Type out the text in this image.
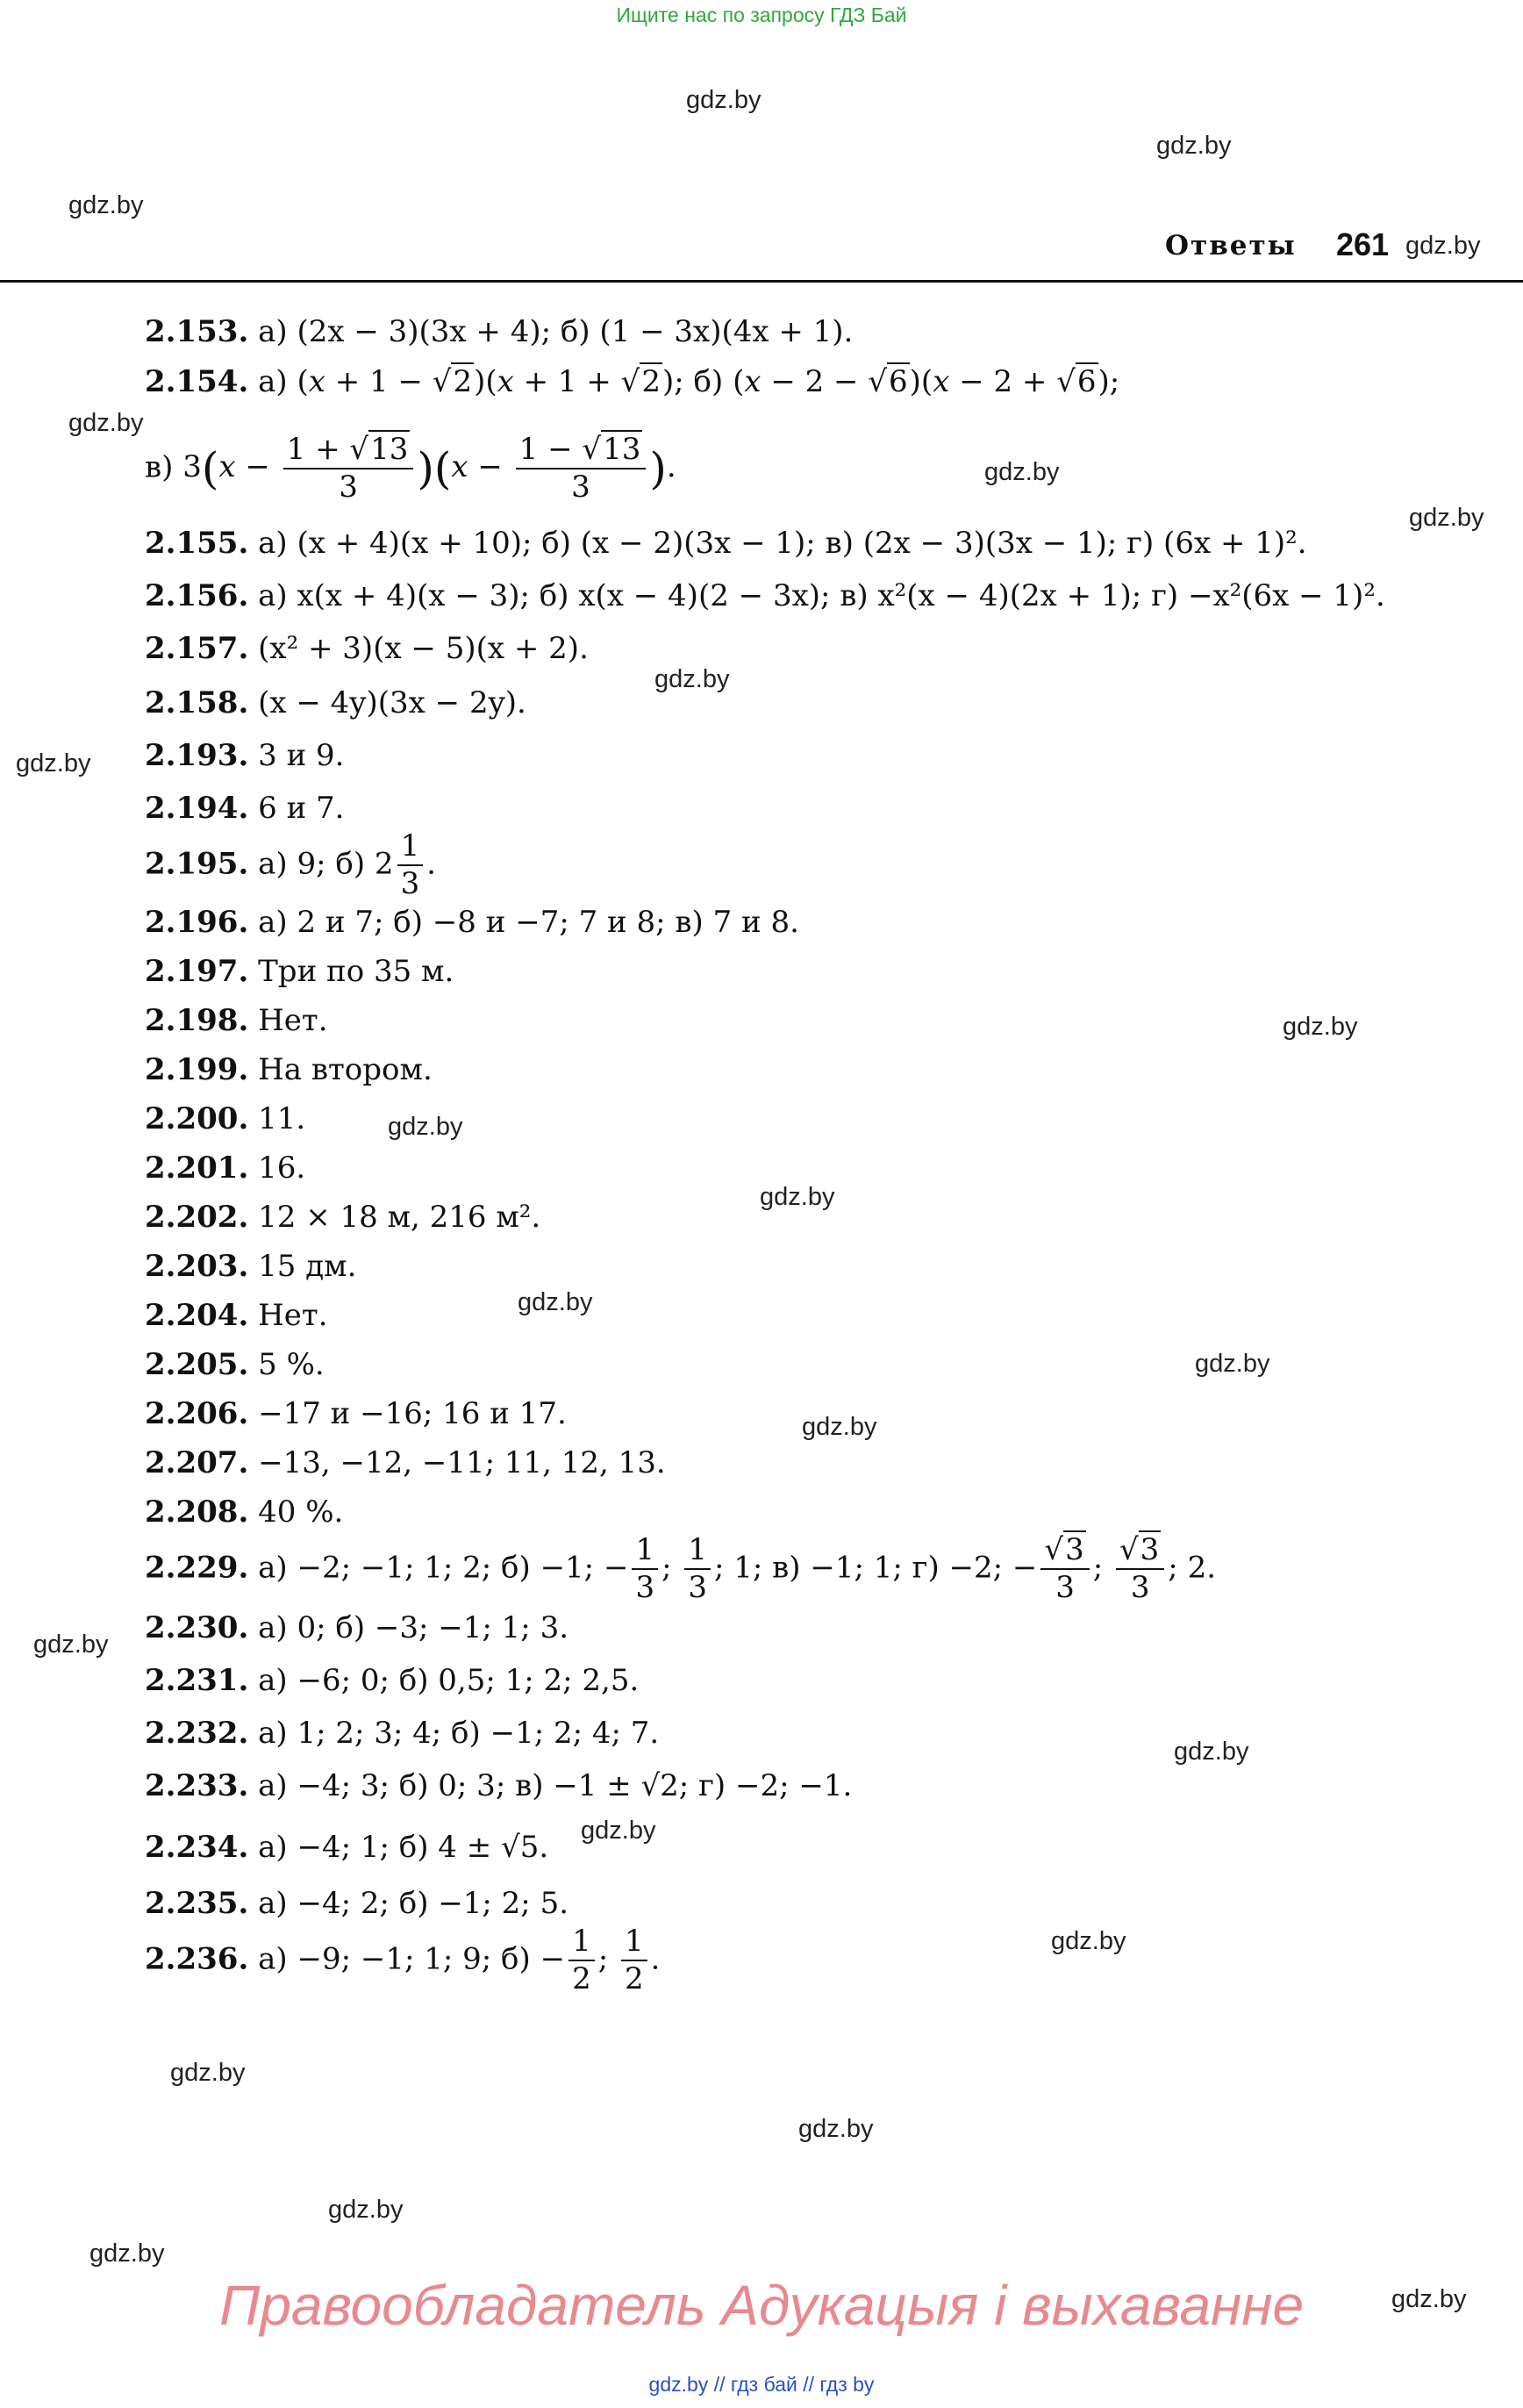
Ищите нас по запросу ГДЗ Бай
gdz.by
gdz.by
gdz.by
gdz.by
gdz.by
gdz.by
gdz.by
gdz.by
gdz.by
gdz.by
gdz.by
gdz.by
gdz.by
gdz.by
gdz.by
gdz.by
gdz.by
gdz.by
gdz.by
gdz.by
gdz.by
gdz.by
gdz.by
gdz.by
Ответы 261
2.153. а) (2x − 3)(3x + 4); б) (1 − 3x)(4x + 1).
2.154. а) (x + 1 − √2)(x + 1 + √2); б) (x − 2 − √6)(x − 2 + √6);
в) $3(x - \frac{1 + √13}{3} )(x - \frac{1 - √13}{3}$ ).
2.155. а) (x + 4)(x + 10); б) (x − 2)(3x − 1); в) (2x − 3)(3x − 1); г) (6x + 1)².
2.156. а) x(x + 4)(x − 3); б) x(x − 4)(2 − 3x); в) x²(x − 4)(2x + 1); г) −x²(6x − 1)².
2.157. (x² + 3)(x − 5)(x + 2).
2.158. (x − 4y)(3x − 2y).
2.193. 3 и 9.
2.194. 6 и 7.
2.195. а) 9; б) $2 \frac{1}{3}$ .
2.196. а) 2 и 7; б) −8 и −7; 7 и 8; в) 7 и 8.
2.197. Три по 35 м.
2.198. Нет.
2.199. На втором.
2.200. 11.
2.201. 16.
2.202. 12 × 18 м, 216 м².
2.203. 15 дм.
2.204. Нет.
2.205. 5 %.
2.206. −17 и −16; 16 и 17.
2.207. −13, −12, −11; 11, 12, 13.
2.208. 40 %.
2.229. а) −2; −1; 1; 2; б) −1; − $\frac{1}{3}$ ; $\frac{1}{3}$ ; 1; в) −1; 1; г) −2; − $\frac{√3}{3}$ ; $\frac{√3}{3}$ ; 2.
2.230. а) 0; б) −3; −1; 1; 3.
2.231. а) −6; 0; б) 0,5; 1; 2; 2,5.
2.232. а) 1; 2; 3; 4; б) −1; 2; 4; 7.
2.233. а) −4; 3; б) 0; 3; в) −1 ± √2; г) −2; −1.
2.234. а) −4; 1; б) 4 ± √5.
2.235. а) −4; 2; б) −1; 2; 5.
2.236. а) −9; −1; 1; 9; $б) - \frac{1}{2}$ ; $\frac{1}{2}$ .
Правообладатель Адукацыя і выхаванне
gdz.by // гдз бай // гдз by
